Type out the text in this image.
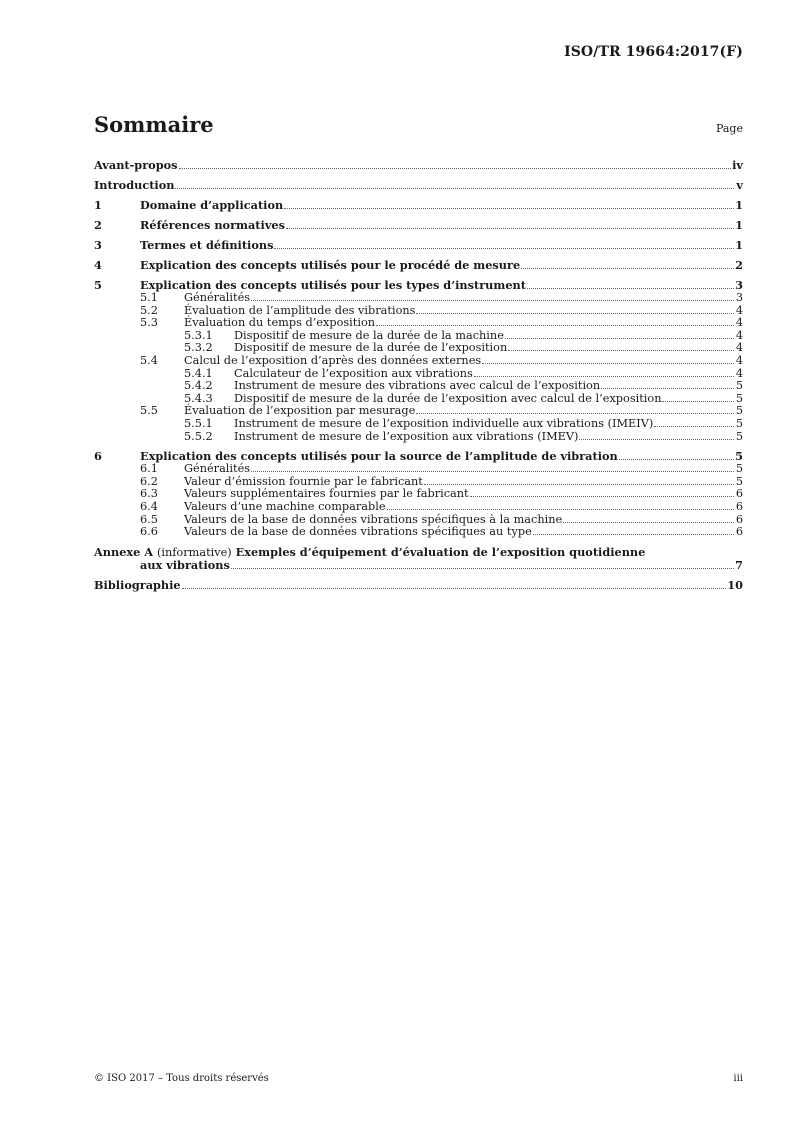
ISO/TR 19664:2017(F)
Sommaire	Page
Avant-propos	iv
Introduction	v
1	Domaine d’application	1
2	Références normatives	1
3	Termes et définitions	1
4	Explication des concepts utilisés pour le procédé de mesure	2
5	Explication des concepts utilisés pour les types d’instrument	3
5.1	Généralités	3
5.2	Évaluation de l’amplitude des vibrations	4
5.3	Évaluation du temps d’exposition	4
5.3.1	Dispositif de mesure de la durée de la machine	4
5.3.2	Dispositif de mesure de la durée de l’exposition	4
5.4	Calcul de l’exposition d’après des données externes	4
5.4.1	Calculateur de l’exposition aux vibrations	4
5.4.2	Instrument de mesure des vibrations avec calcul de l’exposition	5
5.4.3	Dispositif de mesure de la durée de l’exposition avec calcul de l’exposition	5
5.5	Évaluation de l’exposition par mesurage	5
5.5.1	Instrument de mesure de l’exposition individuelle aux vibrations (IMEIV)	5
5.5.2	Instrument de mesure de l’exposition aux vibrations (IMEV)	5
6	Explication des concepts utilisés pour la source de l’amplitude de vibration	5
6.1	Généralités	5
6.2	Valeur d’émission fournie par le fabricant	5
6.3	Valeurs supplémentaires fournies par le fabricant	6
6.4	Valeurs d’une machine comparable	6
6.5	Valeurs de la base de données vibrations spécifiques à la machine	6
6.6	Valeurs de la base de données vibrations spécifiques au type	6
Annexe A (informative) Exemples d’équipement d’évaluation de l’exposition quotidienne
aux vibrations	7
Bibliographie	10
© ISO 2017 – Tous droits réservés	iii
